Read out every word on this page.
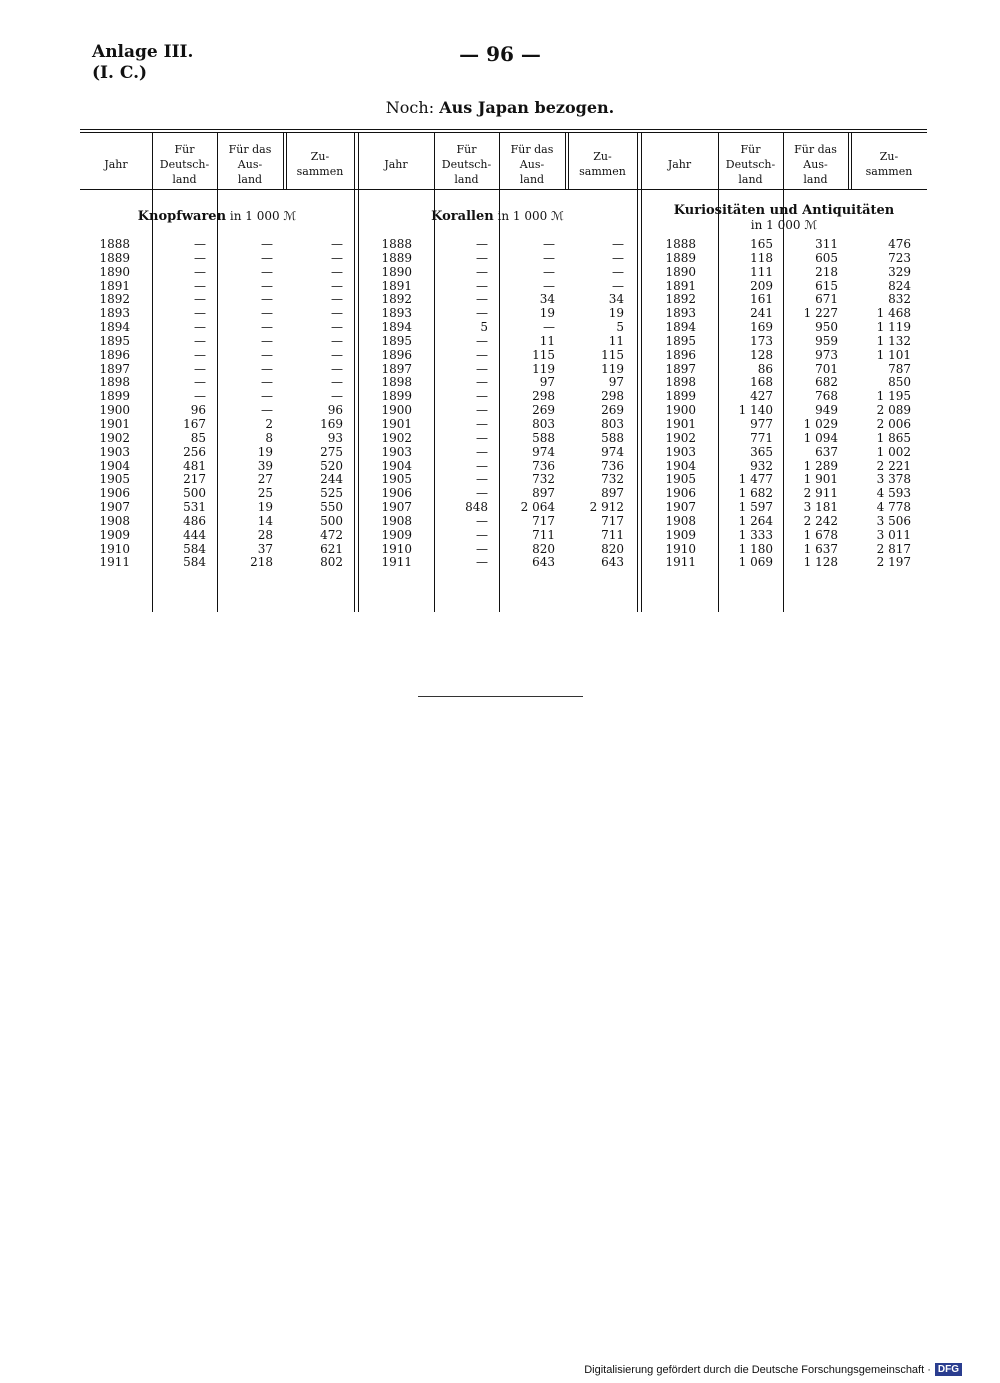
Anlage III.
(I. C.)
— 96 —
Noch: Aus Japan bezogen.
Jahr
Für
Deutsch-
land
Für das
Aus-
land
Zu-
sammen
Jahr
Für
Deutsch-
land
Für das
Aus-
land
Zu-
sammen
Jahr
Für
Deutsch-
land
Für das
Aus-
land
Zu-
sammen
Knopfwaren in 1 000 ℳ	Korallen in 1 000 ℳ	Kuriositäten und Antiquitäten
in 1 000 ℳ
1888
1889
1890
1891
1892
1893
1894
1895
1896
1897
1898
1899
1900
1901
1902
1903
1904
1905
1906
1907
1908
1909
1910
1911
—
—
—
—
—
—
—
—
—
—
—
—
96
167
85
256
481
217
500
531
486
444
584
584
—
—
—
—
—
—
—
—
—
—
—
—
—
2
8
19
39
27
25
19
14
28
37
218
—
—
—
—
—
—
—
—
—
—
—
—
96
169
93
275
520
244
525
550
500
472
621
802
1888
1889
1890
1891
1892
1893
1894
1895
1896
1897
1898
1899
1900
1901
1902
1903
1904
1905
1906
1907
1908
1909
1910
1911
—
—
—
—
—
—
5
—
—
—
—
—
—
—
—
—
—
—
—
848
—
—
—
—
—
—
—
—
34
19
—
11
115
119
97
298
269
803
588
974
736
732
897
2 064
717
711
820
643
—
—
—
—
34
19
5
11
115
119
97
298
269
803
588
974
736
732
897
2 912
717
711
820
643
1888
1889
1890
1891
1892
1893
1894
1895
1896
1897
1898
1899
1900
1901
1902
1903
1904
1905
1906
1907
1908
1909
1910
1911
165
118
111
209
161
241
169
173
128
86
168
427
1 140
977
771
365
932
1 477
1 682
1 597
1 264
1 333
1 180
1 069
311
605
218
615
671
1 227
950
959
973
701
682
768
949
1 029
1 094
637
1 289
1 901
2 911
3 181
2 242
1 678
1 637
1 128
476
723
329
824
832
1 468
1 119
1 132
1 101
787
850
1 195
2 089
2 006
1 865
1 002
2 221
3 378
4 593
4 778
3 506
3 011
2 817
2 197
Digitalisierung gefördert durch die Deutsche Forschungsgemeinschaft · DFG
